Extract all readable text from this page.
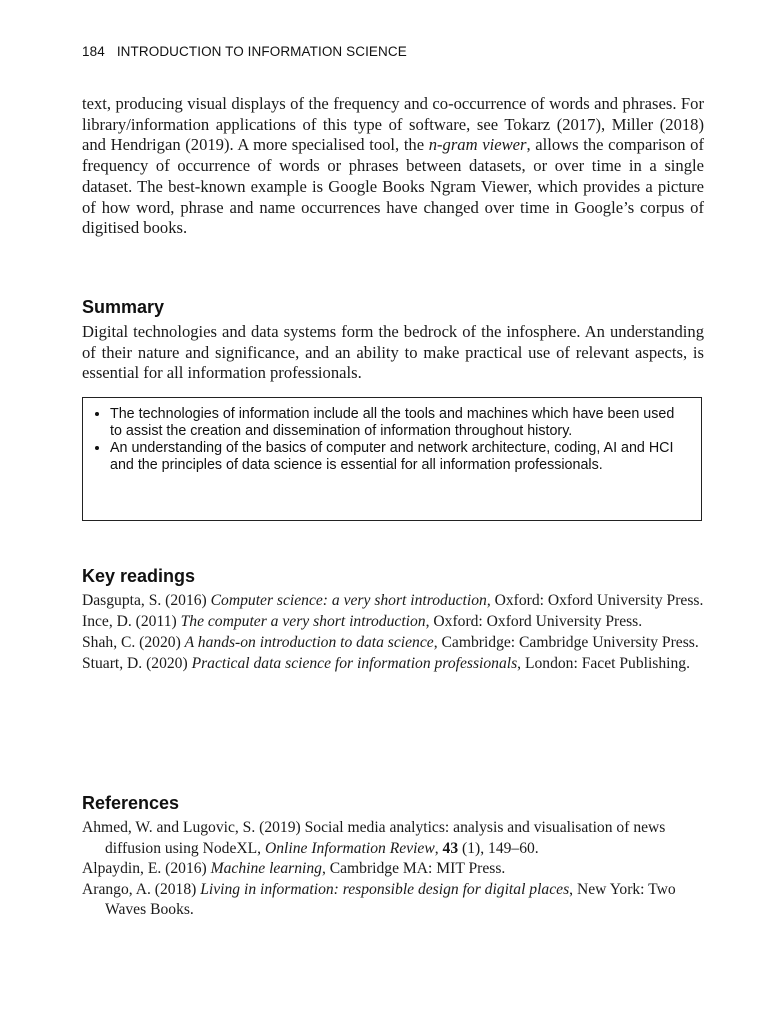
184 INTRODUCTION TO INFORMATION SCIENCE

text, producing visual displays of the frequency and co-occurrence of words and phrases. For library/information applications of this type of software, see Tokarz (2017), Miller (2018) and Hendrigan (2019). A more specialised tool, the n-gram viewer, allows the comparison of frequency of occurrence of words or phrases between datasets, or over time in a single dataset. The best-known example is Google Books Ngram Viewer, which provides a picture of how word, phrase and name occurrences have changed over time in Google’s corpus of digitised books.

Summary

Digital technologies and data systems form the bedrock of the infosphere. An understanding of their nature and significance, and an ability to make practical use of relevant aspects, is essential for all information professionals.

• The technologies of information include all the tools and machines which have been used to assist the creation and dissemination of information throughout history.
• An understanding of the basics of computer and network architecture, coding, AI and HCI and the principles of data science is essential for all information professionals.
Key readings
Dasgupta, S. (2016) Computer science: a very short introduction, Oxford: Oxford University Press.
Ince, D. (2011) The computer a very short introduction, Oxford: Oxford University Press.
Shah, C. (2020) A hands-on introduction to data science, Cambridge: Cambridge University Press.
Stuart, D. (2020) Practical data science for information professionals, London: Facet Publishing.
References
Ahmed, W. and Lugovic, S. (2019) Social media analytics: analysis and visualisation of news diffusion using NodeXL, Online Information Review, 43 (1), 149–60.
Alpaydin, E. (2016) Machine learning, Cambridge MA: MIT Press.
Arango, A. (2018) Living in information: responsible design for digital places, New York: Two Waves Books.
